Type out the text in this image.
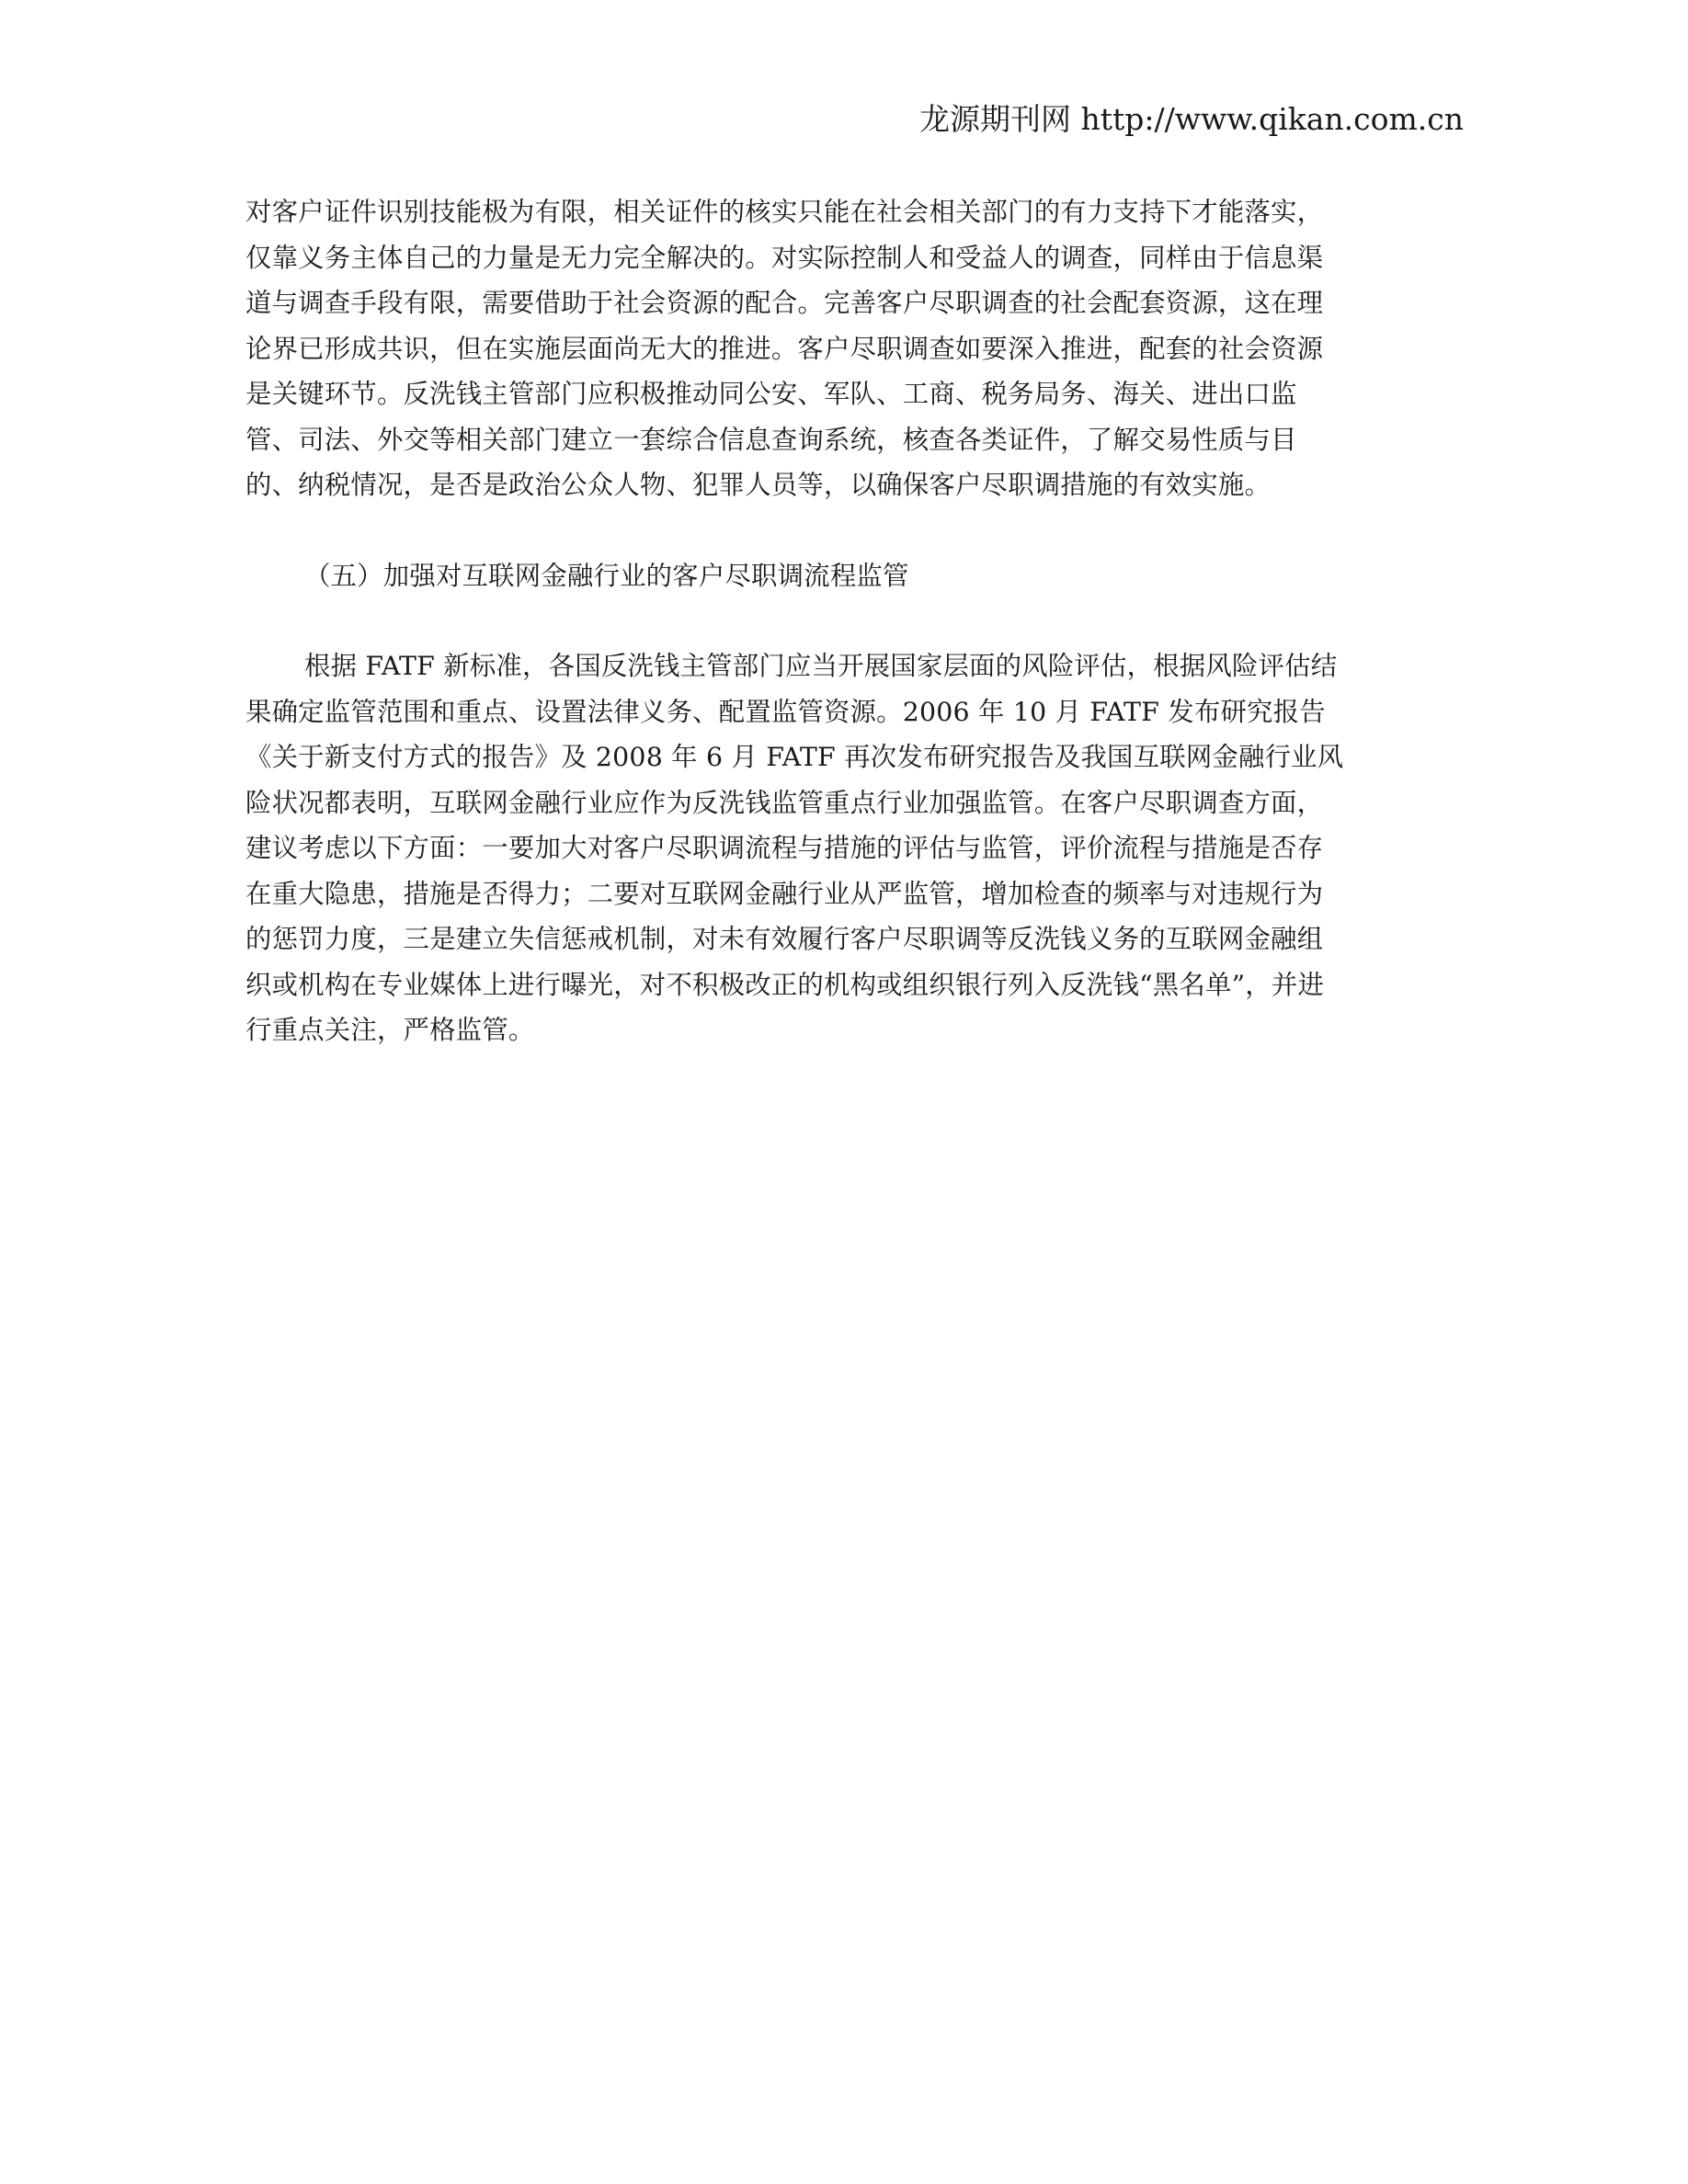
龙源期刊网 http://www.qikan.com.cn
对客户证件识别技能极为有限，相关证件的核实只能在社会相关部门的有力支持下才能落实，
仅靠义务主体自己的力量是无力完全解决的。对实际控制人和受益人的调查，同样由于信息渠
道与调查手段有限，需要借助于社会资源的配合。完善客户尽职调查的社会配套资源，这在理
论界已形成共识，但在实施层面尚无大的推进。客户尽职调查如要深入推进，配套的社会资源
是关键环节。反洗钱主管部门应积极推动同公安、军队、工商、税务局务、海关、进出口监
管、司法、外交等相关部门建立一套综合信息查询系统，核查各类证件，了解交易性质与目
的、纳税情况，是否是政治公众人物、犯罪人员等，以确保客户尽职调措施的有效实施。
（五）加强对互联网金融行业的客户尽职调流程监管
根据 FATF 新标准，各国反洗钱主管部门应当开展国家层面的风险评估，根据风险评估结
果确定监管范围和重点、设置法律义务、配置监管资源。2006 年 10 月 FATF 发布研究报告
《关于新支付方式的报告》及 2008 年 6 月 FATF 再次发布研究报告及我国互联网金融行业风
险状况都表明，互联网金融行业应作为反洗钱监管重点行业加强监管。在客户尽职调查方面，
建议考虑以下方面：一要加大对客户尽职调流程与措施的评估与监管，评价流程与措施是否存
在重大隐患，措施是否得力；二要对互联网金融行业从严监管，增加检查的频率与对违规行为
的惩罚力度，三是建立失信惩戒机制，对未有效履行客户尽职调等反洗钱义务的互联网金融组
织或机构在专业媒体上进行曝光，对不积极改正的机构或组织银行列入反洗钱“黑名单”，并进
行重点关注，严格监管。
